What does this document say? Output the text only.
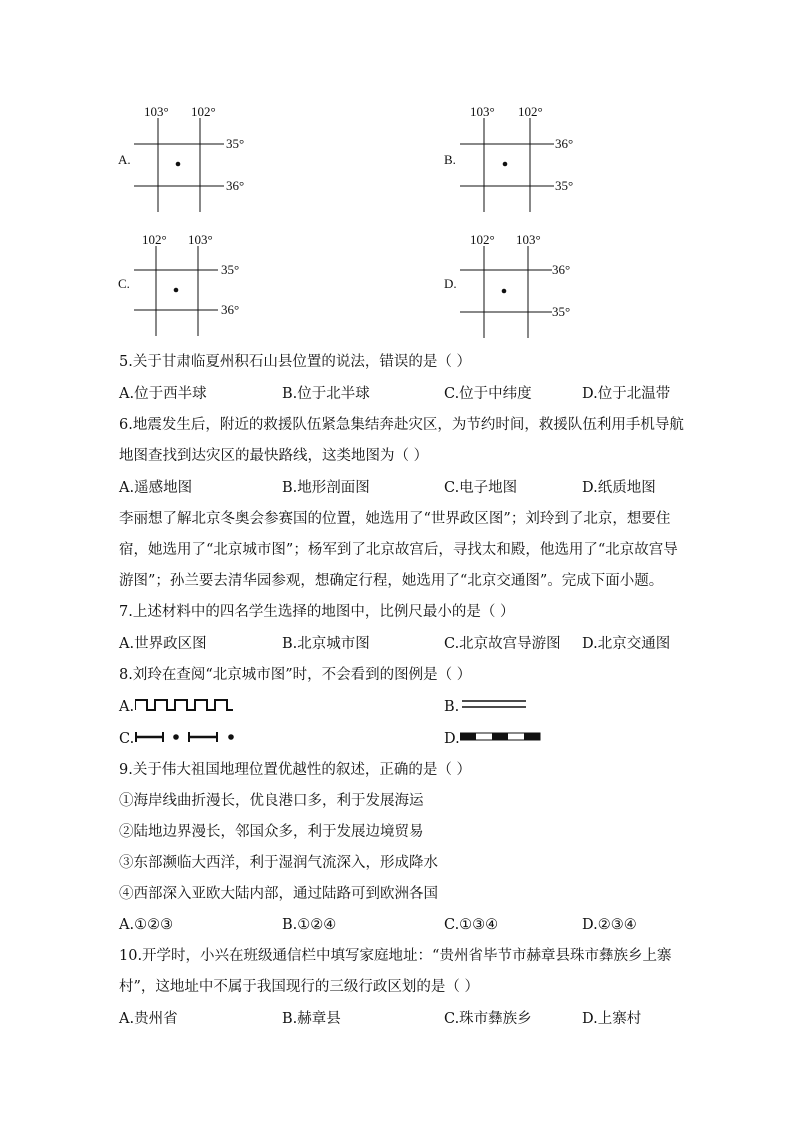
A.
103° 102°
35°
36°
B.
103° 102°
36°
35°
C.
102° 103°
35°
36°
D.
102° 103°
36°
35°
5.关于甘肃临夏州积石山县位置的说法，错误的是（ ）
A.位于西半球	B.位于北半球	C.位于中纬度	D.位于北温带
6.地震发生后，附近的救援队伍紧急集结奔赴灾区，为节约时间，救援队伍利用手机导航
地图查找到达灾区的最快路线，这类地图为（ ）
A.遥感地图	B.地形剖面图	C.电子地图	D.纸质地图
李丽想了解北京冬奥会参赛国的位置，她选用了“世界政区图”；刘玲到了北京，想要住
宿，她选用了“北京城市图”；杨军到了北京故宫后，寻找太和殿，他选用了“北京故宫导
游图”；孙兰要去清华园参观，想确定行程，她选用了“北京交通图”。完成下面小题。
7.上述材料中的四名学生选择的地图中，比例尺最小的是（ ）
A.世界政区图	B.北京城市图	C.北京故宫导游图 D.北京交通图
8.刘玲在查阅“北京城市图”时，不会看到的图例是（ ）
A.	B.
C.	D.
9.关于伟大祖国地理位置优越性的叙述，正确的是（ ）
①海岸线曲折漫长，优良港口多，利于发展海运
②陆地边界漫长，邻国众多，利于发展边境贸易
③东部濒临大西洋，利于湿润气流深入，形成降水
④西部深入亚欧大陆内部，通过陆路可到欧洲各国
A.①②③	B.①②④	C.①③④	D.②③④
10.开学时，小兴在班级通信栏中填写家庭地址：“贵州省毕节市赫章县珠市彝族乡上寨
村”，这地址中不属于我国现行的三级行政区划的是（ ）
A.贵州省	B.赫章县	C.珠市彝族乡	D.上寨村
